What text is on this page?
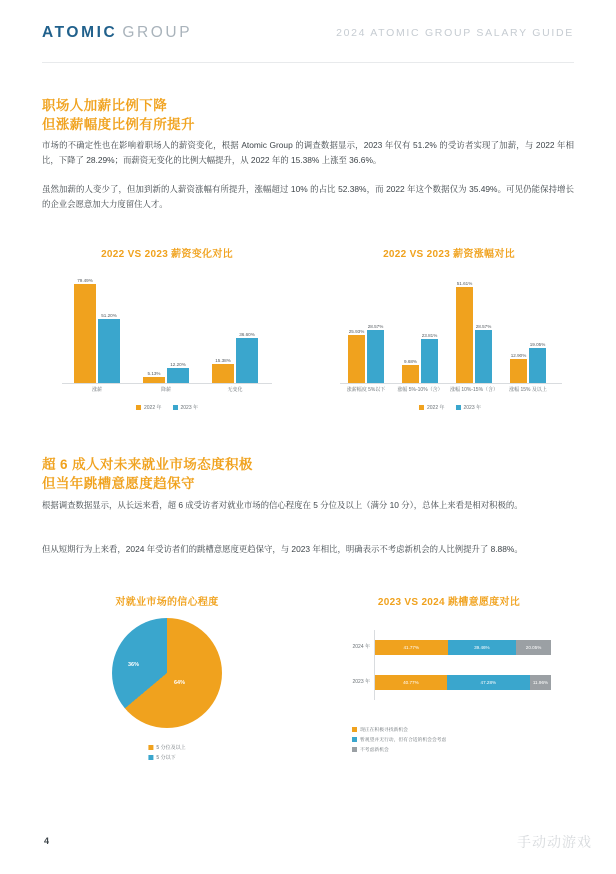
ATOMIC GROUP	2024 ATOMIC GROUP SALARY GUIDE
职场人加薪比例下降
但涨薪幅度比例有所提升
市场的不确定性也在影响着职场人的薪资变化，根据 Atomic Group 的调查数据显示，2023 年仅有 51.2% 的受访者实现了加薪，与 2022 年相比，下降了 28.29%；而薪资无变化的比例大幅提升，从 2022 年的 15.38% 上涨至 36.6%。
虽然加薪的人变少了，但加到新的人薪资涨幅有所提升，涨幅超过 10% 的占比 52.38%，而 2022 年这个数据仅为 35.49%。可见仍能保持增长的企业会愿意加大力度留住人才。
2022 VS 2023 薪资变化对比
79.49%
51.20%
5.13%
12.20%
15.38%
36.60%
涨薪	降薪	无变化
2022 年	2023 年
2022 VS 2023 薪资涨幅对比
25.93%
28.57%
9.68%
23.81%
51.61%
28.57%
12.90%
19.05%
涨薪幅度 5%以下 涨幅 5%-10%（含） 涨幅 10%-15%（含） 涨幅 15% 及以上
2022 年	2023 年
超 6 成人对未来就业市场态度积极
但当年跳槽意愿度趋保守
根据调查数据显示，从长远来看，超 6 成受访者对就业市场的信心程度在 5 分位及以上（满分 10 分），总体上来看是相对积极的。
但从短期行为上来看，2024 年受访者们的跳槽意愿度更趋保守，与 2023 年相比，明确表示不考虑新机会的人比例提升了 8.88%。
对就业市场的信心程度
64%
36%
5 分位及以上
5 分以下
2023 VS 2024 跳槽意愿度对比
2024 年	41.77%	39.46%	20.05%
2023 年	40.77%	47.28%	11.96%
现正在积极寻找新机会
暂观望并无行动，但有合适的机会会考虑
不考虑新机会
4	手动动游戏
